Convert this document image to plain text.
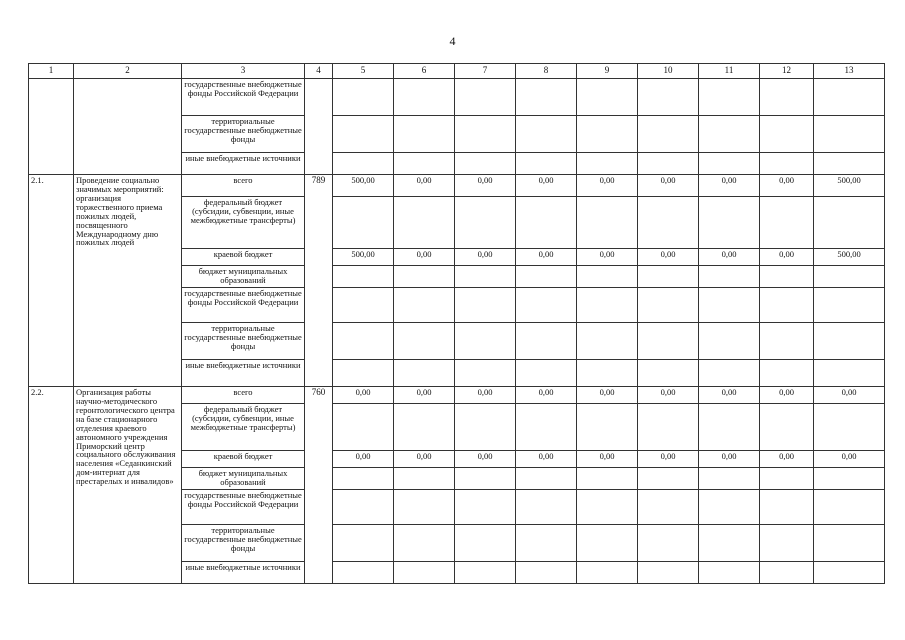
4
1	2	3	4	5	6	7	8	9	10	11	12	13
		государственные внебюджетные фонды Российской Федерации										
		территориальные государственные внебюджетные фонды										
		иные внебюджетные источники										
2.1.	Проведение социально значимых мероприятий: организация торжественного приема пожилых людей, посвященного Международному дню пожилых людей	всего	789	500,00	0,00	0,00	0,00	0,00	0,00	0,00	0,00	500,00
		федеральный бюджет (субсидии, субвенции, иные межбюджетные трансферты)										
		краевой бюджет		500,00	0,00	0,00	0,00	0,00	0,00	0,00	0,00	500,00
		бюджет муниципальных образований										
		государственные внебюджетные фонды Российской Федерации										
		территориальные государственные внебюджетные фонды										
		иные внебюджетные источники										
2.2.	Организация работы научно-методического геронтологического центра на базе стационарного отделения краевого автономного учреждения Приморский центр социального обслуживания населения «Седанкинский дом-интернат для престарелых и инвалидов»	всего	760	0,00	0,00	0,00	0,00	0,00	0,00	0,00	0,00	0,00
		федеральный бюджет (субсидии, субвенции, иные межбюджетные трансферты)										
		краевой бюджет		0,00	0,00	0,00	0,00	0,00	0,00	0,00	0,00	0,00
		бюджет муниципальных образований										
		государственные внебюджетные фонды Российской Федерации										
		территориальные государственные внебюджетные фонды										
		иные внебюджетные источники										
